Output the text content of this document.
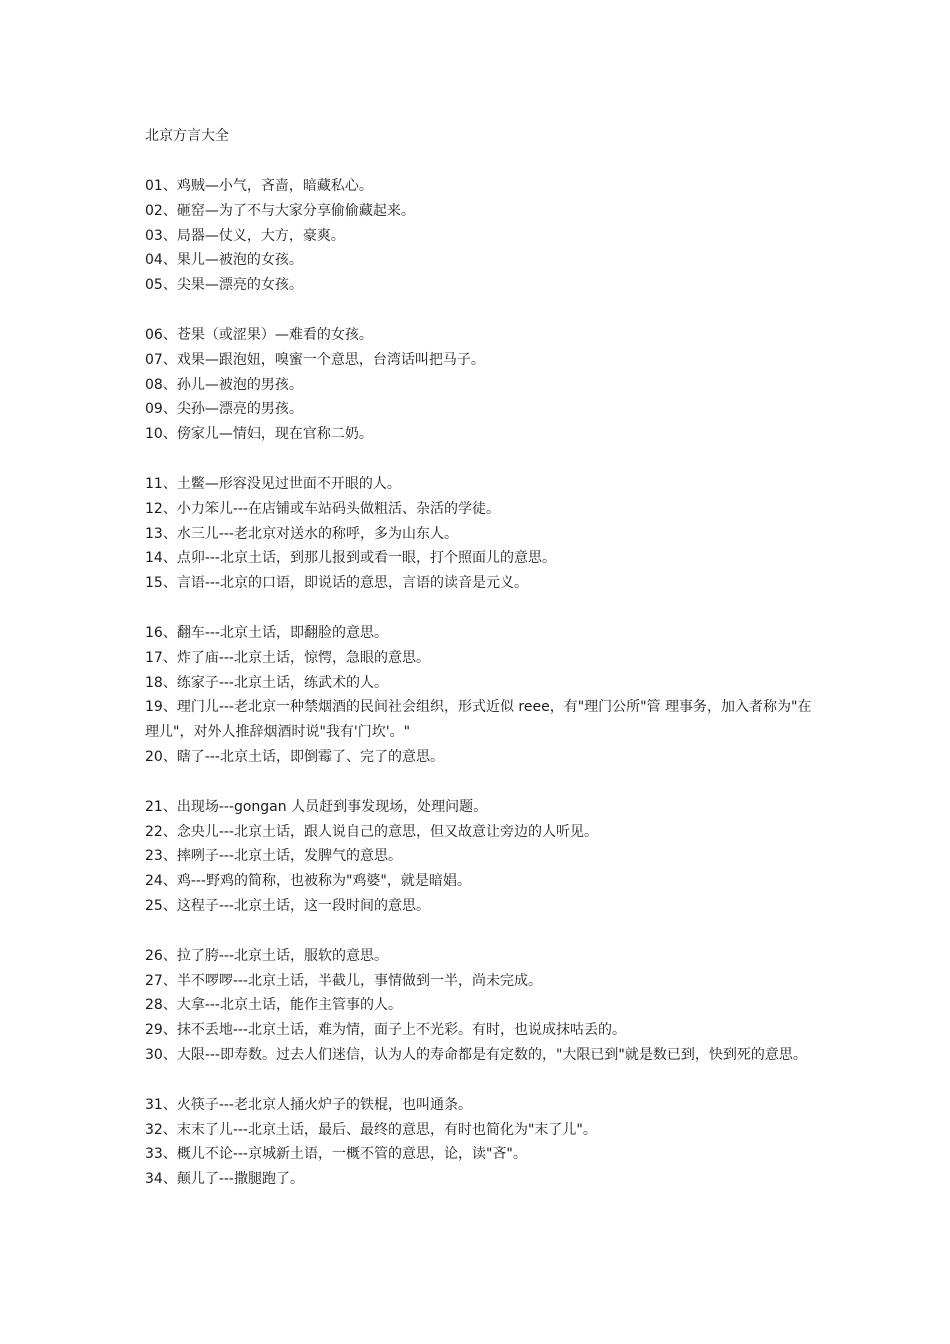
北京方言大全

01、鸡贼—小气，吝啬，暗藏私心。

02、砸窑—为了不与大家分享偷偷藏起来。

03、局器—仗义，大方，豪爽。

04、果儿—被泡的女孩。

05、尖果—漂亮的女孩。

06、苍果（或涩果）—难看的女孩。

07、戏果—跟泡妞，嗅蜜一个意思，台湾话叫把马子。

08、孙儿—被泡的男孩。

09、尖孙—漂亮的男孩。

10、傍家儿—情妇，现在官称二奶。

11、土鳖—形容没见过世面不开眼的人。

12、小力笨儿---在店铺或车站码头做粗活、杂活的学徒。

13、水三儿---老北京对送水的称呼，多为山东人。

14、点卯---北京土话，到那儿报到或看一眼，打个照面儿的意思。

15、言语---北京的口语，即说话的意思，言语的读音是元义。

16、翻车---北京土话，即翻脸的意思。

17、炸了庙---北京土话，惊愕，急眼的意思。

18、练家子---北京土话，练武术的人。

19、理门儿---老北京一种禁烟酒的民间社会组织，形式近似 reee，有"理门公所"管 理事务，加入者称为"在理儿"，对外人推辞烟酒时说"我有'门坎'。"

20、瞎了---北京土话，即倒霉了、完了的意思。

21、出现场---gongan 人员赶到事发现场，处理问题。

22、念央儿---北京土话，跟人说自己的意思，但又故意让旁边的人听见。

23、摔咧子---北京土话，发脾气的意思。

24、鸡---野鸡的简称，也被称为"鸡婆"，就是暗娼。

25、这程子---北京土话，这一段时间的意思。

26、拉了胯---北京土话，服软的意思。

27、半不啰啰---北京土话，半截儿，事情做到一半，尚未完成。

28、大拿---北京土话，能作主管事的人。

29、抹不丢地---北京土话，难为情，面子上不光彩。有时，也说成抹咕丢的。

30、大限---即寿数。过去人们迷信，认为人的寿命都是有定数的，"大限已到"就是数已到，快到死的意思。

31、火筷子---老北京人捅火炉子的铁棍，也叫通条。

32、末末了儿---北京土话，最后、最终的意思，有时也简化为"末了儿"。

33、概儿不论---京城新土语，一概不管的意思，论，读"吝"。

34、颠儿了---撒腿跑了。
